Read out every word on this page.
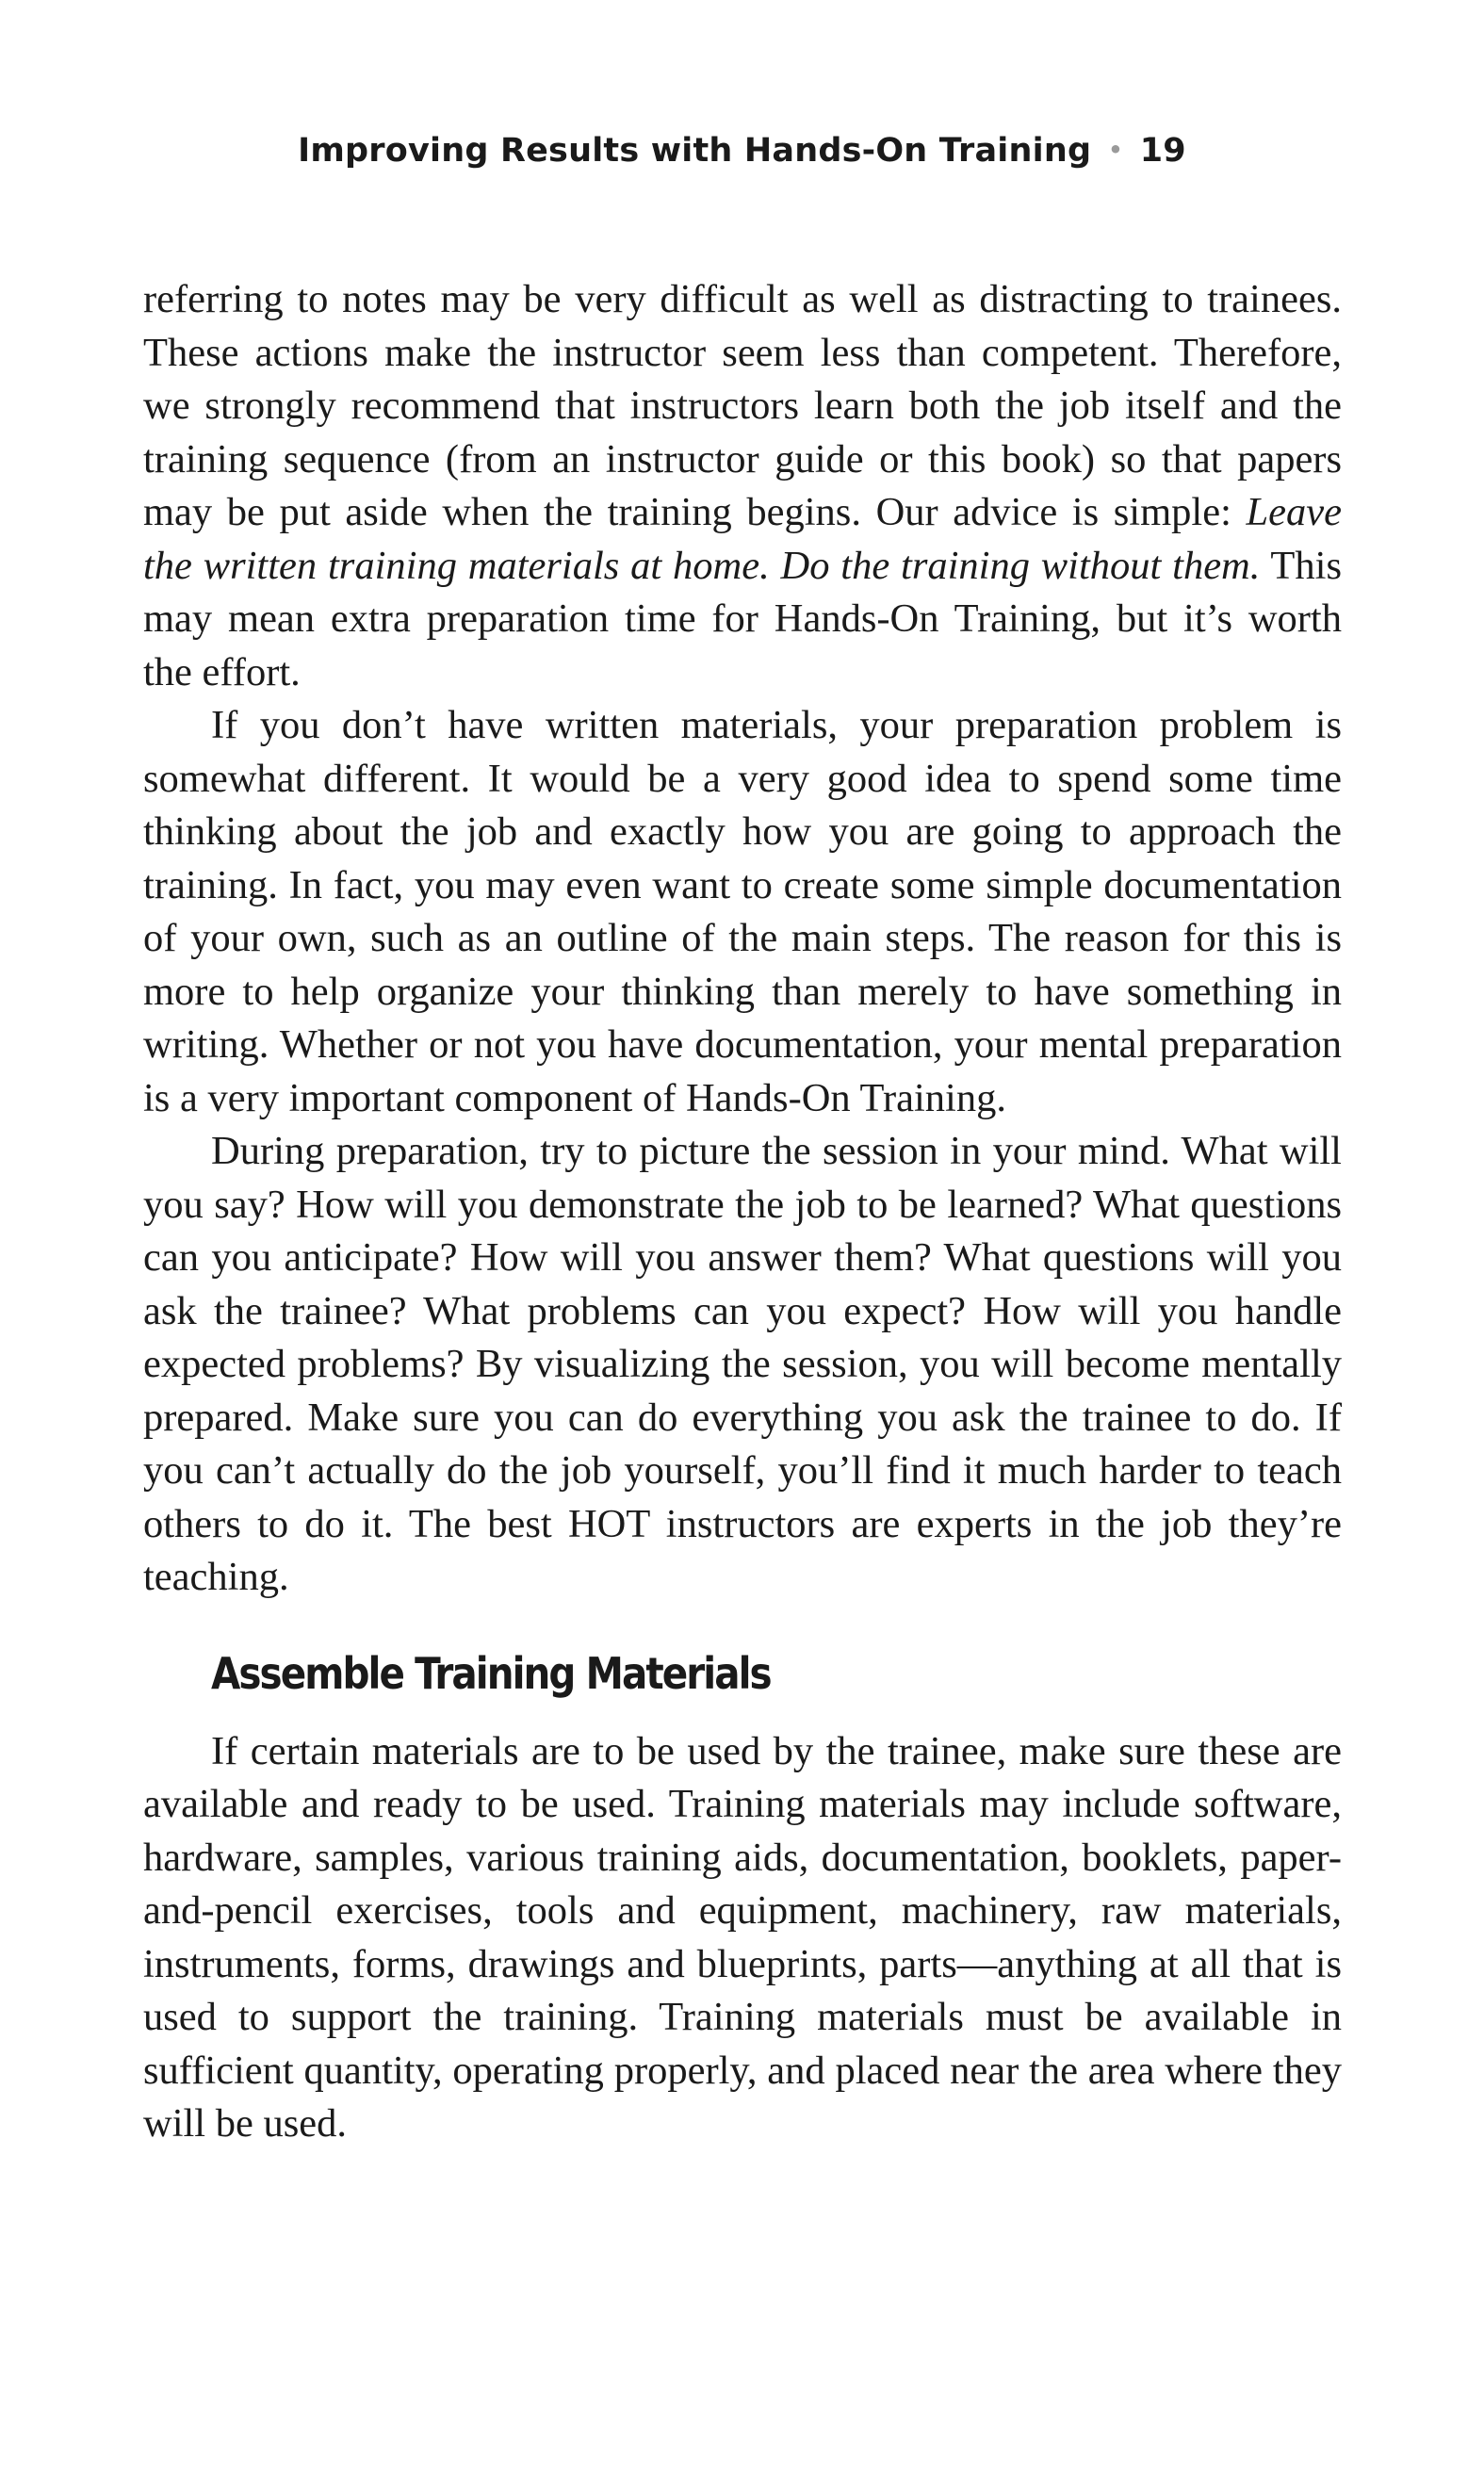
Improving Results with Hands-On Training • 19

referring to notes may be very difficult as well as distracting to trainees. These actions make the instructor seem less than competent. Therefore, we strongly recommend that instructors learn both the job itself and the training sequence (from an instructor guide or this book) so that papers may be put aside when the training begins. Our advice is simple: Leave the written training materials at home. Do the training without them. This may mean extra preparation time for Hands-On Training, but it’s worth the effort.

If you don’t have written materials, your preparation problem is somewhat different. It would be a very good idea to spend some time thinking about the job and exactly how you are going to approach the training. In fact, you may even want to create some simple documentation of your own, such as an outline of the main steps. The reason for this is more to help organize your thinking than merely to have something in writing. Whether or not you have documentation, your mental preparation is a very important component of Hands-On Training.

During preparation, try to picture the session in your mind. What will you say? How will you demonstrate the job to be learned? What questions can you anticipate? How will you answer them? What questions will you ask the trainee? What problems can you expect? How will you handle expected problems? By visualizing the session, you will become mentally prepared. Make sure you can do everything you ask the trainee to do. If you can’t actually do the job yourself, you’ll find it much harder to teach others to do it. The best HOT instructors are experts in the job they’re teaching.

Assemble Training Materials

If certain materials are to be used by the trainee, make sure these are available and ready to be used. Training materials may include software, hardware, samples, various training aids, documentation, booklets, paper-and-pencil exercises, tools and equipment, machinery, raw materials, instruments, forms, drawings and blueprints, parts—anything at all that is used to support the training. Training materials must be available in sufficient quantity, operating properly, and placed near the area where they will be used.
